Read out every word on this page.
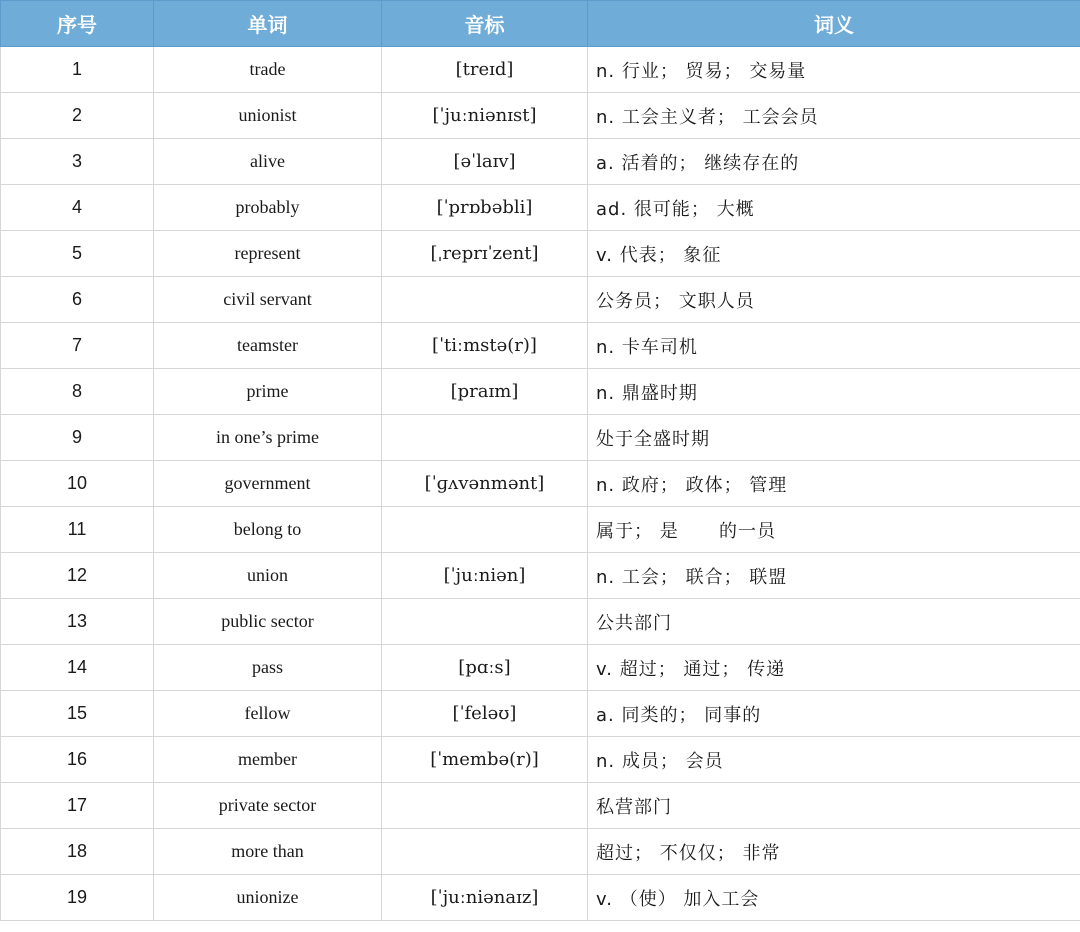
序号	单词	音标	词义
1	trade	[treɪd]	n. 行业； 贸易； 交易量
2	unionist	[ˈjuːniənɪst]	n. 工会主义者； 工会会员
3	alive	[əˈlaɪv]	a. 活着的； 继续存在的
4	probably	[ˈprɒbəbli]	ad. 很可能； 大概
5	represent	[ˌreprɪˈzent]	v. 代表； 象征
6	civil servant		公务员； 文职人员
7	teamster	[ˈtiːmstə(r)]	n. 卡车司机
8	prime	[praɪm]	n. 鼎盛时期
9	in one’s prime		处于全盛时期
10	government	[ˈɡʌvənmənt]	n. 政府； 政体； 管理
11	belong to		属于； 是      的一员
12	union	[ˈjuːniən]	n. 工会； 联合； 联盟
13	public sector		公共部门
14	pass	[pɑːs]	v. 超过； 通过； 传递
15	fellow	[ˈfeləʊ]	a. 同类的； 同事的
16	member	[ˈmembə(r)]	n. 成员； 会员
17	private sector		私营部门
18	more than		超过； 不仅仅； 非常
19	unionize	[ˈjuːniənaɪz]	v. （使） 加入工会
